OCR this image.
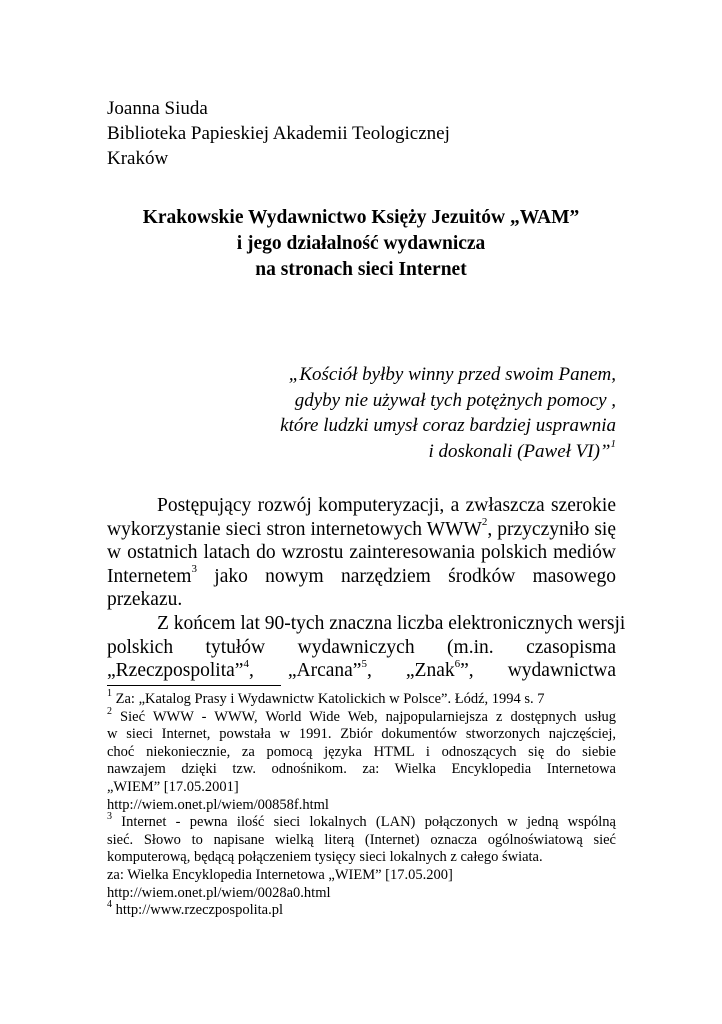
Joanna Siuda
Biblioteka Papieskiej Akademii Teologicznej
Kraków
Krakowskie Wydawnictwo Księży Jezuitów „WAM”
i jego działalność wydawnicza
na stronach sieci Internet
„Kościół byłby winny przed swoim Panem,
gdyby nie używał tych potężnych pomocy ,
które ludzki umysł coraz bardziej usprawnia
i doskonali (Paweł VI)”$^1$
Postępujący rozwój komputeryzacji, a zwłaszcza szerokie
wykorzystanie sieci stron internetowych WWW$^2$, przyczyniło się
w ostatnich latach do wzrostu zainteresowania polskich mediów
Internetem$^3$ jako nowym narzędziem środków masowego
przekazu.
Z końcem lat 90-tych znaczna liczba elektronicznych wersji
polskich tytułów wydawniczych (m.in. czasopisma
„Rzeczpospolita”$^4$, „Arcana”$^5$, „Znak$^6$”, wydawnictwa
$^1$ Za: „Katalog Prasy i Wydawnictw Katolickich w Polsce”. Łódź, 1994 s. 7
$^2$ Sieć WWW - WWW, World Wide Web, najpopularniejsza z dostępnych usług
w sieci Internet, powstała w 1991. Zbiór dokumentów stworzonych najczęściej,
choć niekoniecznie, za pomocą języka HTML i odnoszących się do siebie
nawzajem dzięki tzw. odnośnikom. za: Wielka Encyklopedia Internetowa
„WIEM” [17.05.2001]
http://wiem.onet.pl/wiem/00858f.html
$^3$ Internet - pewna ilość sieci lokalnych (LAN) połączonych w jedną wspólną
sieć. Słowo to napisane wielką literą (Internet) oznacza ogólnoświatową sieć
komputerową, będącą połączeniem tysięcy sieci lokalnych z całego świata.
za: Wielka Encyklopedia Internetowa „WIEM” [17.05.200]
http://wiem.onet.pl/wiem/0028a0.html
$^4$ http://www.rzeczpospolita.pl
